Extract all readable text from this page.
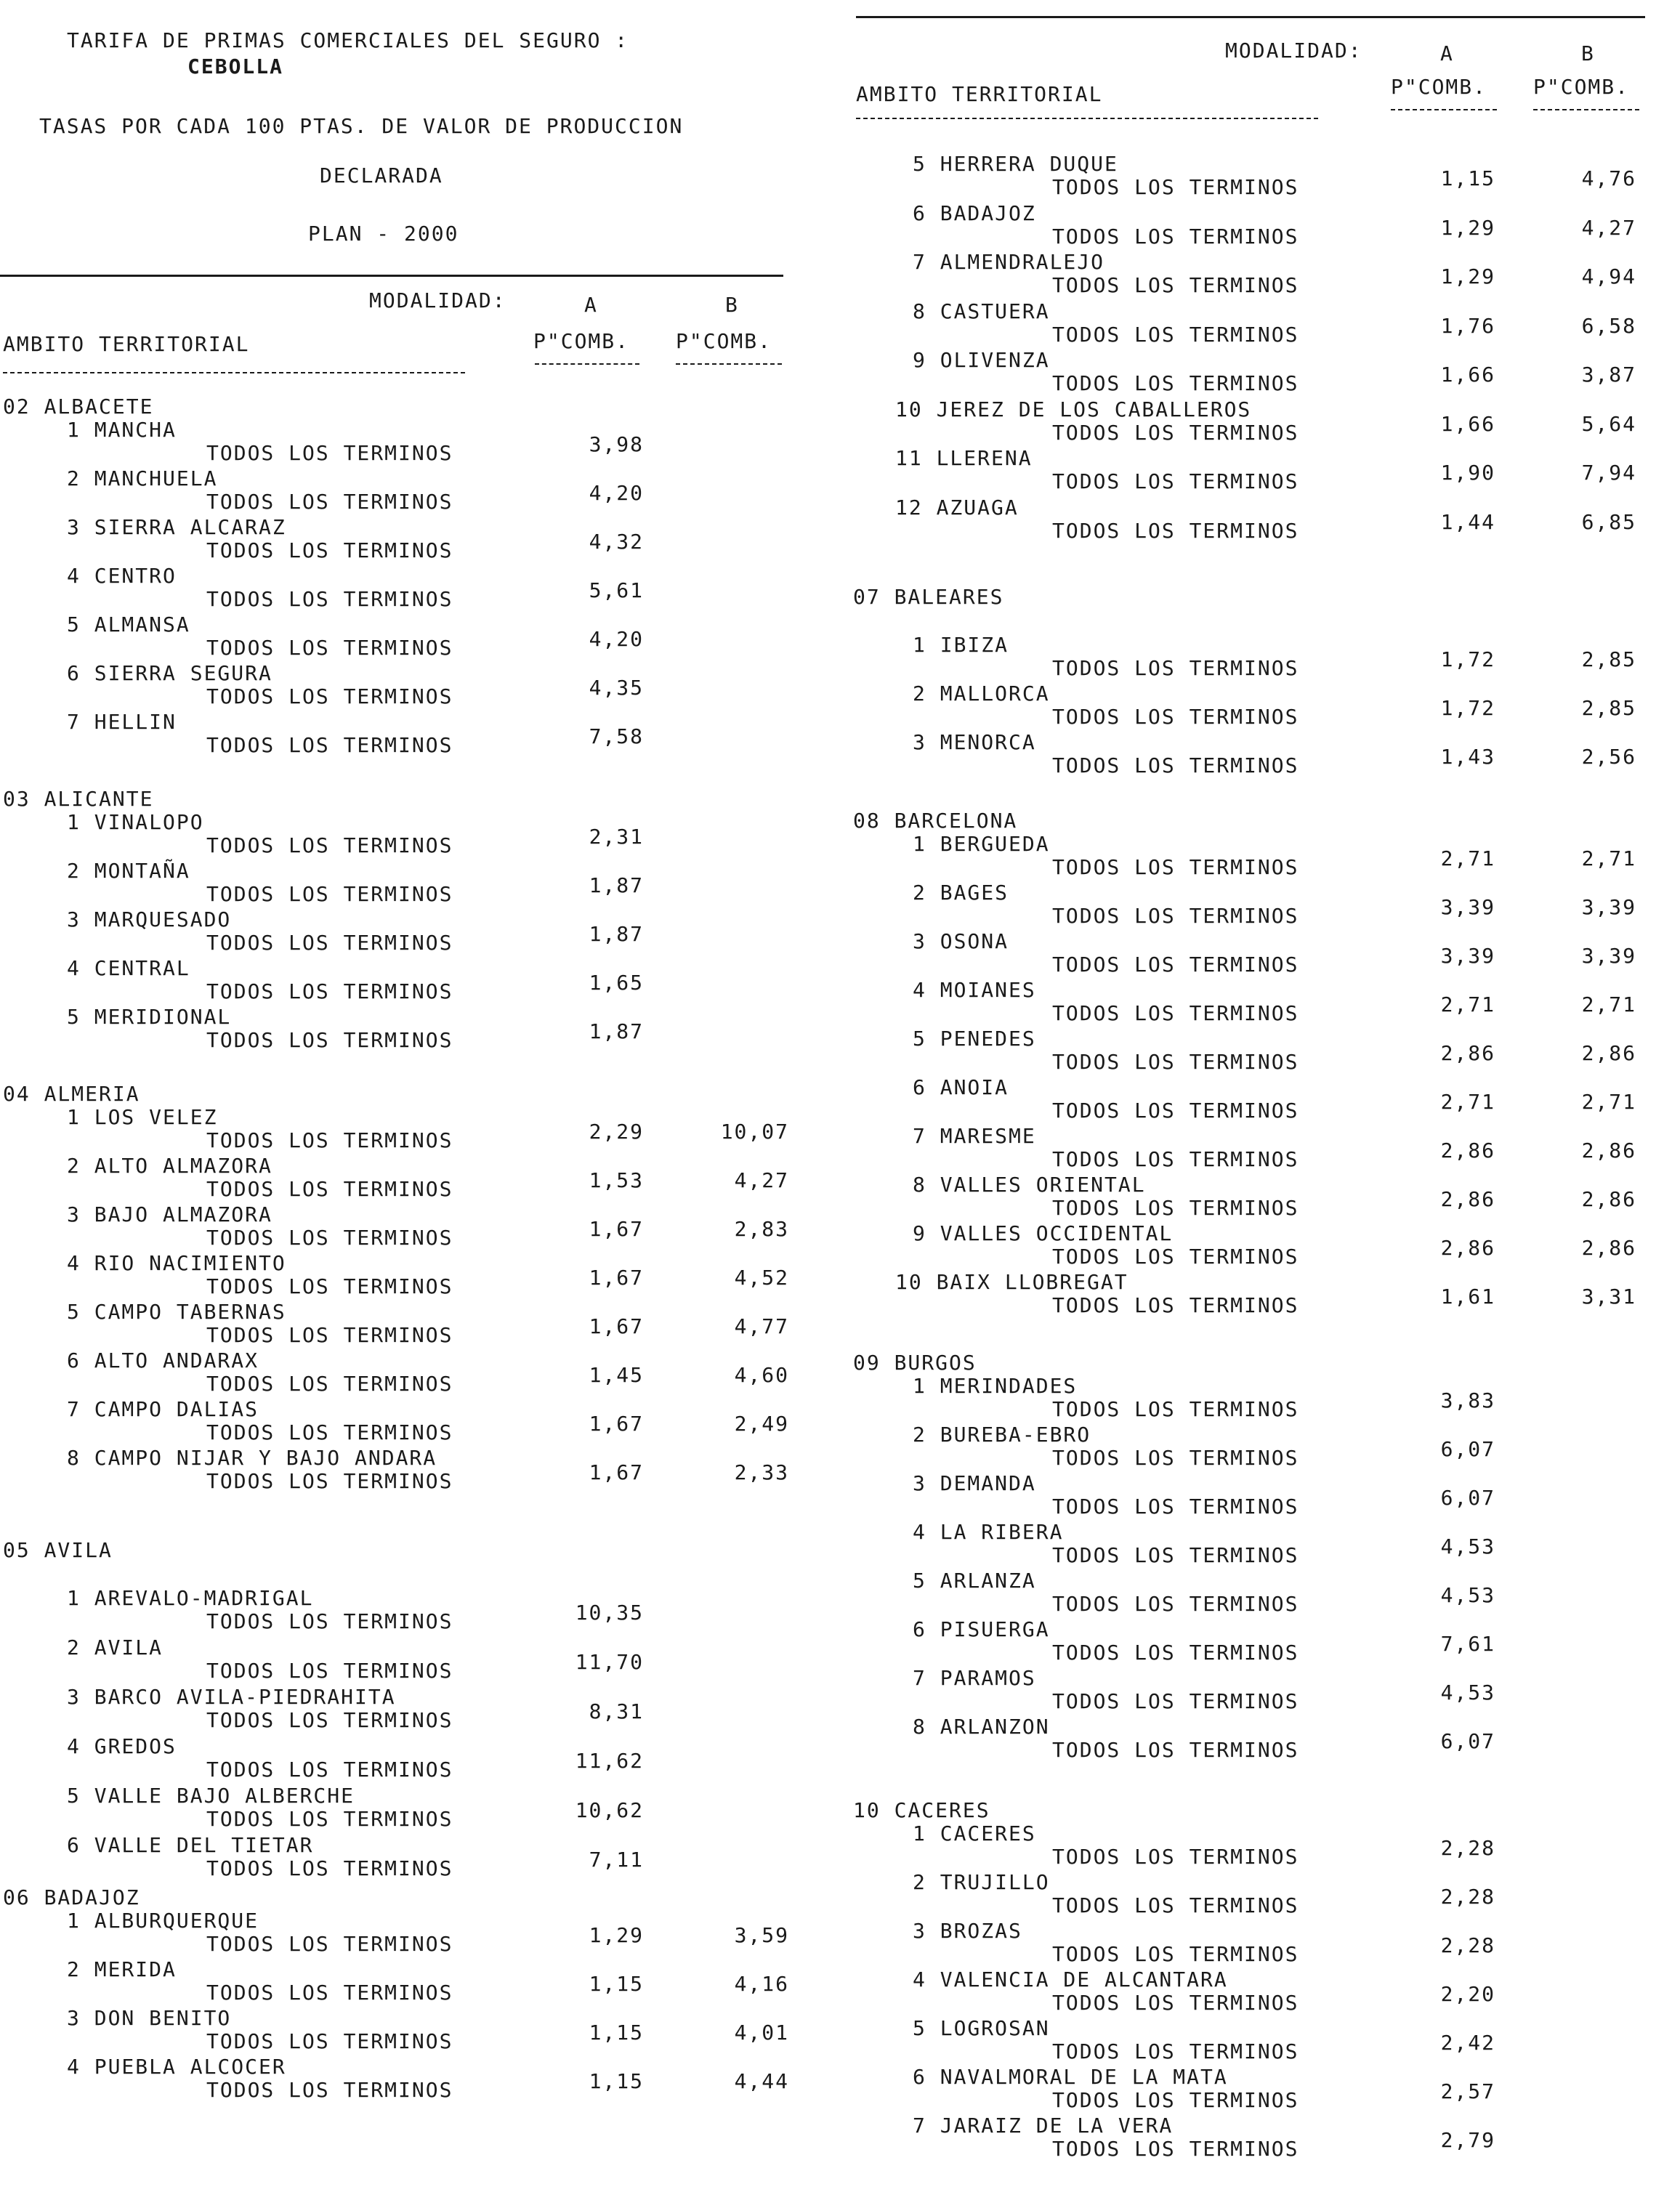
TARIFA DE PRIMAS COMERCIALES DEL SEGURO :
CEBOLLA
TASAS POR CADA 100 PTAS. DE VALOR DE PRODUCCION
DECLARADA
PLAN - 2000
MODALIDAD:	A	B
AMBITO TERRITORIAL	P"COMB. P"COMB.
02 ALBACETE
1 MANCHA
TODOS LOS TERMINOS	3,98
2 MANCHUELA
TODOS LOS TERMINOS	4,20
3 SIERRA ALCARAZ
TODOS LOS TERMINOS	4,32
4 CENTRO
TODOS LOS TERMINOS	5,61
5 ALMANSA
TODOS LOS TERMINOS	4,20
6 SIERRA SEGURA
TODOS LOS TERMINOS	4,35
7 HELLIN
TODOS LOS TERMINOS	7,58
03 ALICANTE
1 VINALOPO
TODOS LOS TERMINOS	2,31
2 MONTAÑA
TODOS LOS TERMINOS	1,87
3 MARQUESADO
TODOS LOS TERMINOS	1,87
4 CENTRAL
TODOS LOS TERMINOS	1,65
5 MERIDIONAL
TODOS LOS TERMINOS	1,87
04 ALMERIA
1 LOS VELEZ
TODOS LOS TERMINOS	2,29	10,07
2 ALTO ALMAZORA
TODOS LOS TERMINOS	1,53	4,27
3 BAJO ALMAZORA
TODOS LOS TERMINOS	1,67	2,83
4 RIO NACIMIENTO
TODOS LOS TERMINOS	1,67	4,52
5 CAMPO TABERNAS
TODOS LOS TERMINOS	1,67	4,77
6 ALTO ANDARAX
TODOS LOS TERMINOS	1,45	4,60
7 CAMPO DALIAS
TODOS LOS TERMINOS	1,67	2,49
8 CAMPO NIJAR Y BAJO ANDARA
TODOS LOS TERMINOS	1,67	2,33
05 AVILA
1 AREVALO-MADRIGAL
TODOS LOS TERMINOS	10,35
2 AVILA
TODOS LOS TERMINOS	11,70
3 BARCO AVILA-PIEDRAHITA
TODOS LOS TERMINOS	8,31
4 GREDOS
TODOS LOS TERMINOS	11,62
5 VALLE BAJO ALBERCHE
TODOS LOS TERMINOS	10,62
6 VALLE DEL TIETAR
TODOS LOS TERMINOS	7,11
06 BADAJOZ
1 ALBURQUERQUE
TODOS LOS TERMINOS	1,29	3,59
2 MERIDA
TODOS LOS TERMINOS	1,15	4,16
3 DON BENITO
TODOS LOS TERMINOS	1,15	4,01
4 PUEBLA ALCOCER
TODOS LOS TERMINOS	1,15	4,44
MODALIDAD:	A	B
AMBITO TERRITORIAL	P"COMB. P"COMB.
5 HERRERA DUQUE
TODOS LOS TERMINOS	1,15	4,76
6 BADAJOZ
TODOS LOS TERMINOS	1,29	4,27
7 ALMENDRALEJO
TODOS LOS TERMINOS	1,29	4,94
8 CASTUERA
TODOS LOS TERMINOS	1,76	6,58
9 OLIVENZA
TODOS LOS TERMINOS	1,66	3,87
10 JEREZ DE LOS CABALLEROS
TODOS LOS TERMINOS	1,66	5,64
11 LLERENA
TODOS LOS TERMINOS	1,90	7,94
12 AZUAGA
TODOS LOS TERMINOS	1,44	6,85
07 BALEARES
1 IBIZA
TODOS LOS TERMINOS	1,72	2,85
2 MALLORCA
TODOS LOS TERMINOS	1,72	2,85
3 MENORCA
TODOS LOS TERMINOS	1,43	2,56
08 BARCELONA
1 BERGUEDA
TODOS LOS TERMINOS	2,71	2,71
2 BAGES
TODOS LOS TERMINOS	3,39	3,39
3 OSONA
TODOS LOS TERMINOS	3,39	3,39
4 MOIANES
TODOS LOS TERMINOS	2,71	2,71
5 PENEDES
TODOS LOS TERMINOS	2,86	2,86
6 ANOIA
TODOS LOS TERMINOS	2,71	2,71
7 MARESME
TODOS LOS TERMINOS	2,86	2,86
8 VALLES ORIENTAL
TODOS LOS TERMINOS	2,86	2,86
9 VALLES OCCIDENTAL
TODOS LOS TERMINOS	2,86	2,86
10 BAIX LLOBREGAT
TODOS LOS TERMINOS	1,61	3,31
09 BURGOS
1 MERINDADES
TODOS LOS TERMINOS	3,83
2 BUREBA-EBRO
TODOS LOS TERMINOS	6,07
3 DEMANDA
TODOS LOS TERMINOS	6,07
4 LA RIBERA
TODOS LOS TERMINOS	4,53
5 ARLANZA
TODOS LOS TERMINOS	4,53
6 PISUERGA
TODOS LOS TERMINOS	7,61
7 PARAMOS
TODOS LOS TERMINOS	4,53
8 ARLANZON
TODOS LOS TERMINOS	6,07
10 CACERES
1 CACERES
TODOS LOS TERMINOS	2,28
2 TRUJILLO
TODOS LOS TERMINOS	2,28
3 BROZAS
TODOS LOS TERMINOS	2,28
4 VALENCIA DE ALCANTARA
TODOS LOS TERMINOS	2,20
5 LOGROSAN
TODOS LOS TERMINOS	2,42
6 NAVALMORAL DE LA MATA
TODOS LOS TERMINOS	2,57
7 JARAIZ DE LA VERA
TODOS LOS TERMINOS	2,79
